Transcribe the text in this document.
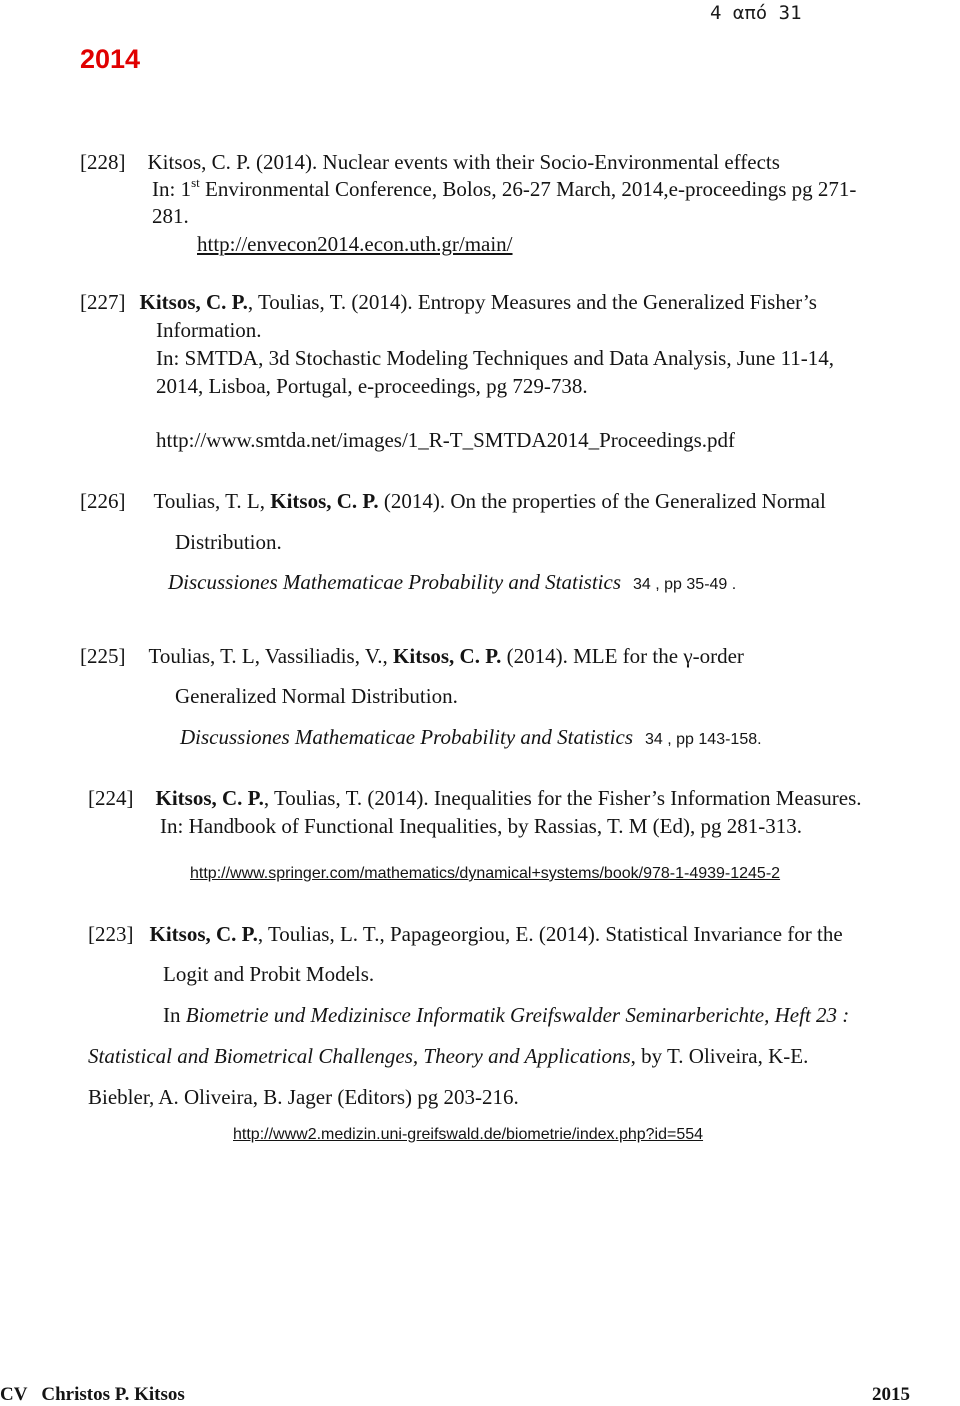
4 από 31
2014
[228] Kitsos, C. P. (2014). Nuclear events with their Socio-Environmental effects
In: 1st Environmental Conference, Bolos, 26-27 March, 2014,e-proceedings pg 271-
281.
http://envecon2014.econ.uth.gr/main/
[227] Kitsos, C. P., Toulias, T. (2014). Entropy Measures and the Generalized Fisher’s
Information.
In: SMTDA, 3d Stochastic Modeling Techniques and Data Analysis, June 11-14,
2014, Lisboa, Portugal, e-proceedings, pg 729-738.
http://www.smtda.net/images/1_R-T_SMTDA2014_Proceedings.pdf
[226] Toulias, T. L, Kitsos, C. P. (2014). On the properties of the Generalized Normal
Distribution.
Discussiones Mathematicae Probability and Statistics 34 , pp 35-49 .
[225] Toulias, T. L, Vassiliadis, V., Kitsos, C. P. (2014). MLE for the γ-order
Generalized Normal Distribution.
Discussiones Mathematicae Probability and Statistics 34 , pp 143-158.
[224] Kitsos, C. P., Toulias, T. (2014). Inequalities for the Fisher’s Information Measures.
In: Handbook of Functional Inequalities, by Rassias, T. M (Ed), pg 281-313.
http://www.springer.com/mathematics/dynamical+systems/book/978-1-4939-1245-2
[223] Kitsos, C. P., Toulias, L. T., Papageorgiou, E. (2014). Statistical Invariance for the
Logit and Probit Models.
In Biometrie und Medizinisce Informatik Greifswalder Seminarberichte, Heft 23 :
Statistical and Biometrical Challenges, Theory and Applications, by T. Oliveira, K-E.
Biebler, A. Oliveira, B. Jager (Editors) pg 203-216.
http://www2.medizin.uni-greifswald.de/biometrie/index.php?id=554
CV   Christos P. Kitsos	2015
